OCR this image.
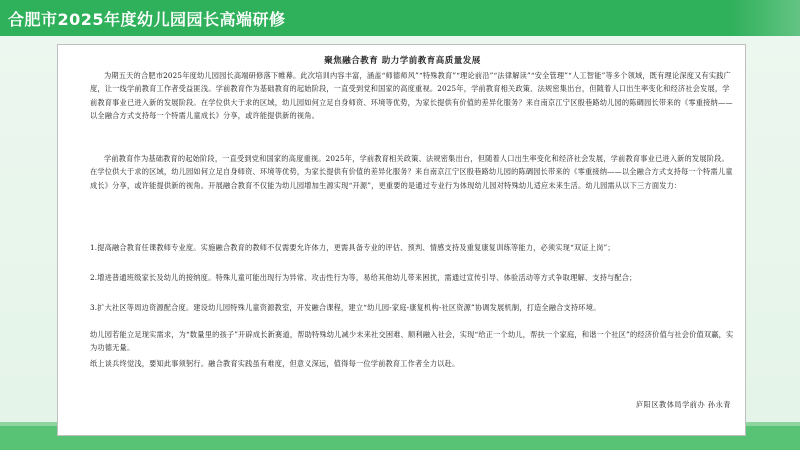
合肥市2025年度幼儿园园长高端研修
聚焦融合教育 助力学前教育高质量发展
为期五天的合肥市2025年度幼儿园园长高端研修落下帷幕。此次培训内容丰富，涵盖“师德师风”“特殊教育”“理论前沿”“法律解读”“安全管理”“人工智能”等多个领域，既有理论深度又有实践广度，让一线学前教育工作者受益匪浅。学前教育作为基础教育的起始阶段，一直受到党和国家的高度重视。2025年，学前教育相关政策、法规密集出台，但随着人口出生率变化和经济社会发展，学前教育事业已进入新的发展阶段。在学位供大于求的区域，幼儿园如何立足自身师资、环境等优势，为家长提供有价值的差异化服务？来自南京江宁区殷巷路幼儿园的陈碉园长带来的《零重接纳——以全融合方式支持每一个特需儿童成长》分享，或许能提供新的视角。
学前教育作为基础教育的起始阶段，一直受到党和国家的高度重视。2025年，学前教育相关政策、法规密集出台，但随着人口出生率变化和经济社会发展，学前教育事业已进入新的发展阶段。在学位供大于求的区域，幼儿园如何立足自身师资、环境等优势，为家长提供有价值的差异化服务？来自南京江宁区殷巷路幼儿园的陈碉园长带来的《零重接纳——以全融合方式支持每一个特需儿童成长》分享，或许能提供新的视角。开展融合教育不仅能为幼儿园增加生源实现“开源”，更重要的是通过专业行为体现幼儿园对特殊幼儿适应未来生活。幼儿园需从以下三方面发力：
1.提高融合教育任课教师专业度。实施融合教育的教师不仅需要允许体力，更需具备专业的评估、预判、情感支持及重复康复训练等能力，必须实现“双证上岗”；
2.增进普通班级家长及幼儿的接纳度。特殊儿童可能出现行为异常、攻击性行为等，易给其他幼儿带来困扰，需通过宣传引导、体验活动等方式争取理解、支持与配合；
3.扩大社区等周边资源配合度。建设幼儿园特殊儿童资源教室，开发融合课程，建立“幼儿园-家庭-康复机构-社区资源”协调发展机制，打造全融合支持环境。
幼儿园若能立足现实需求，为“数量里的孩子”开辟成长新赛道，帮助特殊幼儿减少未来社交困难、顺利融入社会，实现“给正一个幼儿，帮扶一个家庭，和谐一个社区”的经济价值与社会价值双赢，实为功德无量。
纸上谈兵终觉浅，要知此事须躬行。融合教育实践虽有难度，但意义深远，值得每一位学前教育工作者全力以赴。
庐阳区教体局学前办 孙永青
